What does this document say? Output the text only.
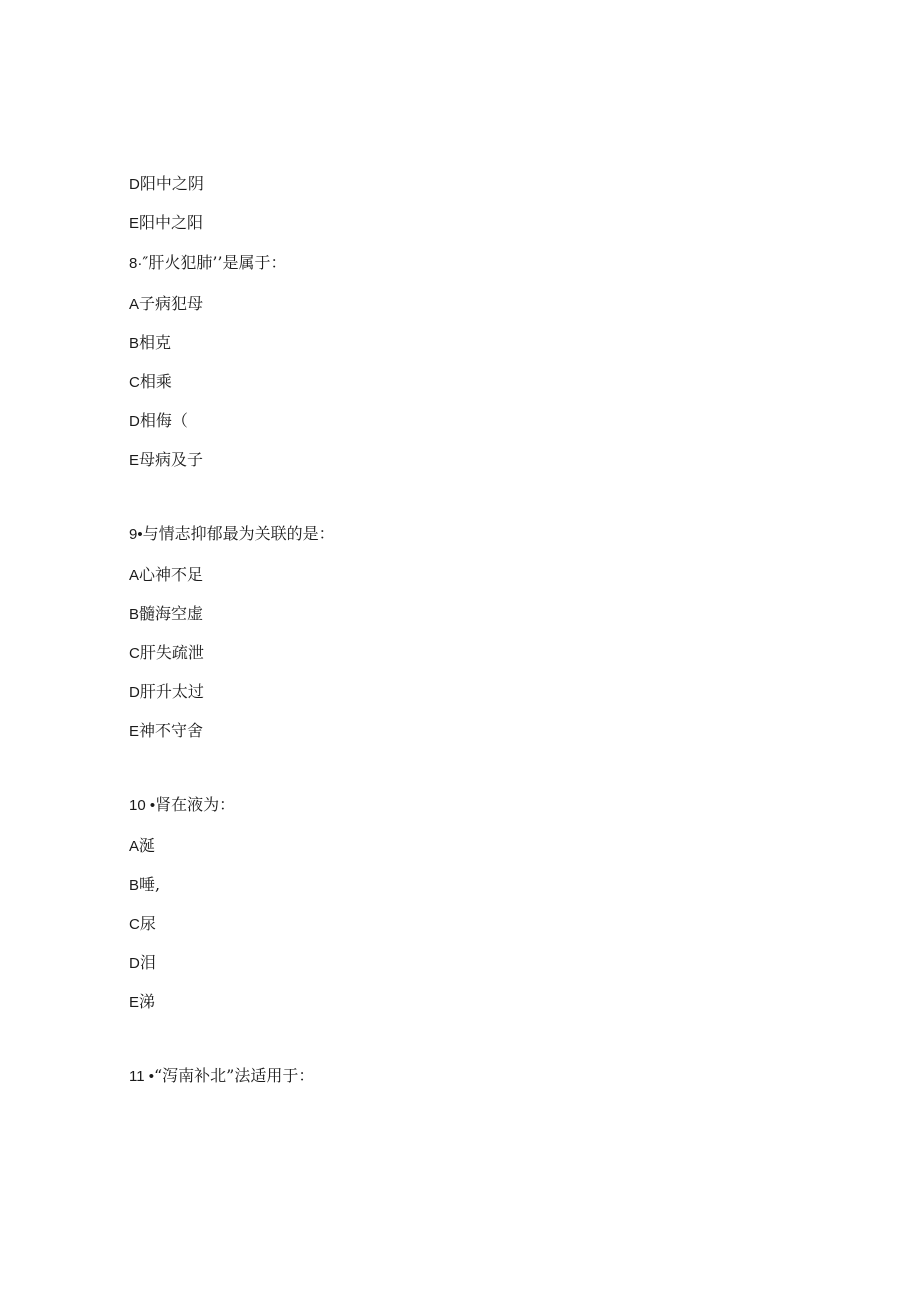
D阳中之阴
E阳中之阳
8·″肝火犯肺’’是属于：
A子病犯母
B相克
C相乘
D相侮（
E母病及子
9•与情志抑郁最为关联的是：
A心神不足
B髓海空虚
C肝失疏泄
D肝升太过
E神不守舍
10 •肾在液为：
A涎
B唾,
C尿
D泪
E涕
11 •“泻南补北”法适用于：
